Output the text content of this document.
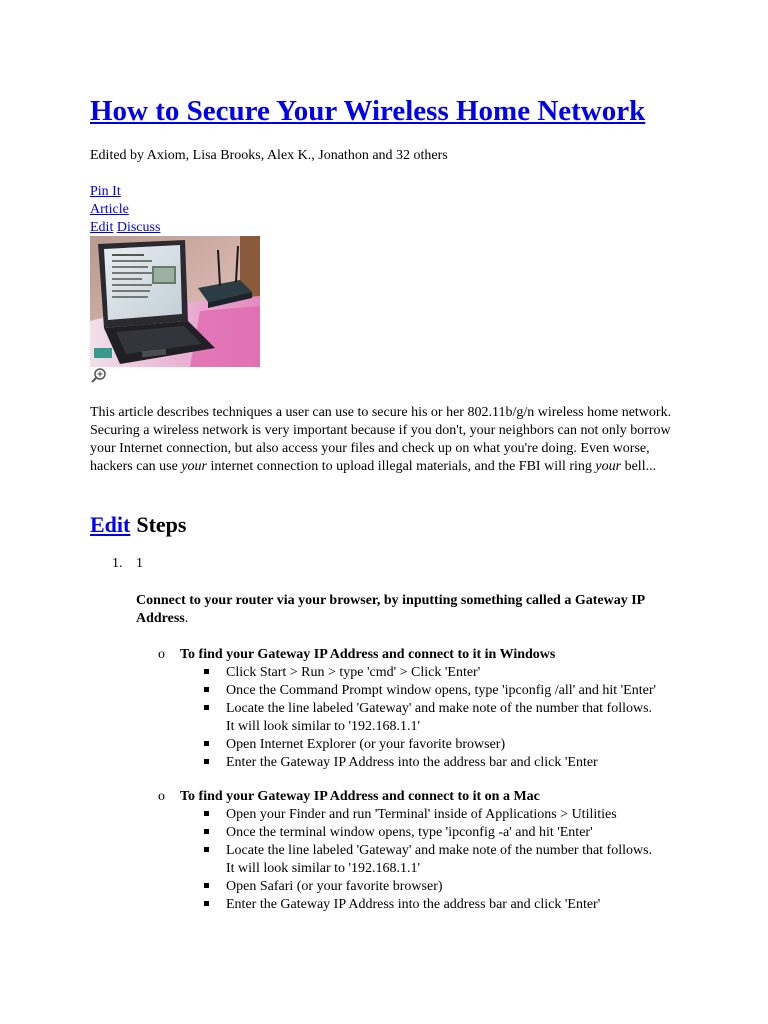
How to Secure Your Wireless Home Network
Edited by Axiom, Lisa Brooks, Alex K., Jonathon and 32 others
Pin It
Article
Edit Discuss
This article describes techniques a user can use to secure his or her 802.11b/g/n wireless home network. Securing a wireless network is very important because if you don't, your neighbors can not only borrow your Internet connection, but also access your files and check up on what you're doing. Even worse, hackers can use your internet connection to upload illegal materials, and the FBI will ring your bell...
Edit Steps
1. 1
Connect to your router via your browser, by inputting something called a Gateway IP Address.
o To find your Gateway IP Address and connect to it in Windows
Click Start > Run > type 'cmd' > Click 'Enter'
Once the Command Prompt window opens, type 'ipconfig /all' and hit 'Enter'
Locate the line labeled 'Gateway' and make note of the number that follows. It will look similar to '192.168.1.1'
Open Internet Explorer (or your favorite browser)
Enter the Gateway IP Address into the address bar and click 'Enter
o To find your Gateway IP Address and connect to it on a Mac
Open your Finder and run 'Terminal' inside of Applications > Utilities
Once the terminal window opens, type 'ipconfig -a' and hit 'Enter'
Locate the line labeled 'Gateway' and make note of the number that follows. It will look similar to '192.168.1.1'
Open Safari (or your favorite browser)
Enter the Gateway IP Address into the address bar and click 'Enter'
